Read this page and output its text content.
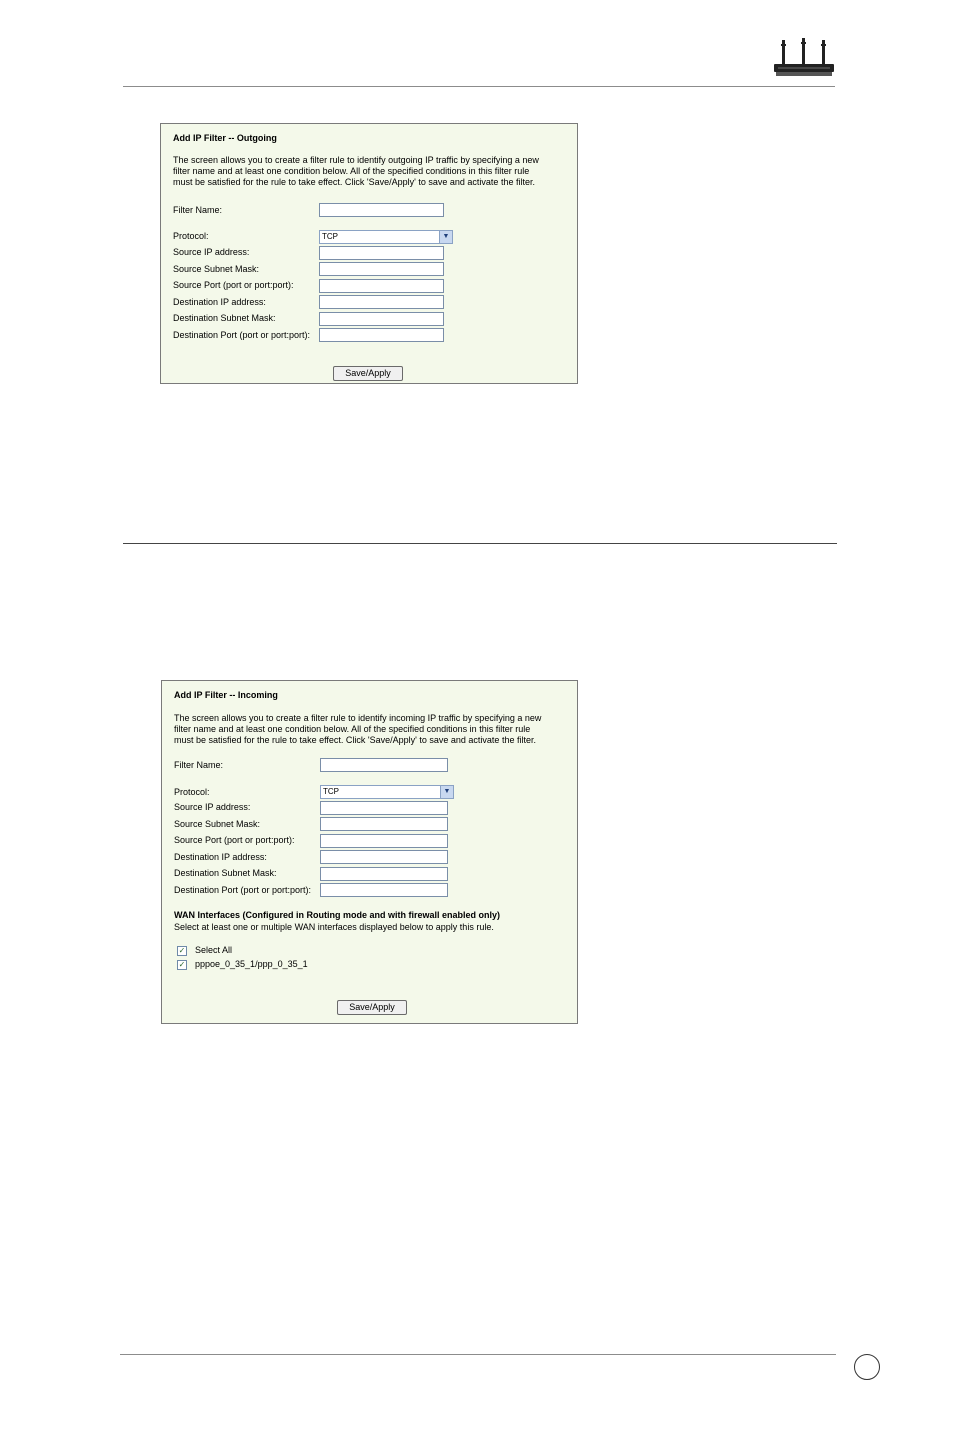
Add IP Filter -- Outgoing
The screen allows you to create a filter rule to identify outgoing IP traffic by specifying a new
filter name and at least one condition below. All of the specified conditions in this filter rule
must be satisfied for the rule to take effect. Click 'Save/Apply' to save and activate the filter.
Filter Name:
Protocol:	TCP	▼
Source IP address:
Source Subnet Mask:
Source Port (port or port:port):
Destination IP address:
Destination Subnet Mask:
Destination Port (port or port:port):
Save/Apply
Add IP Filter -- Incoming
The screen allows you to create a filter rule to identify incoming IP traffic by specifying a new
filter name and at least one condition below. All of the specified conditions in this filter rule
must be satisfied for the rule to take effect. Click 'Save/Apply' to save and activate the filter.
Filter Name:
Protocol:	TCP	▼
Source IP address:
Source Subnet Mask:
Source Port (port or port:port):
Destination IP address:
Destination Subnet Mask:
Destination Port (port or port:port):
WAN Interfaces (Configured in Routing mode and with firewall enabled only)
Select at least one or multiple WAN interfaces displayed below to apply this rule.
✓ Select All
✓ pppoe_0_35_1/ppp_0_35_1
Save/Apply
